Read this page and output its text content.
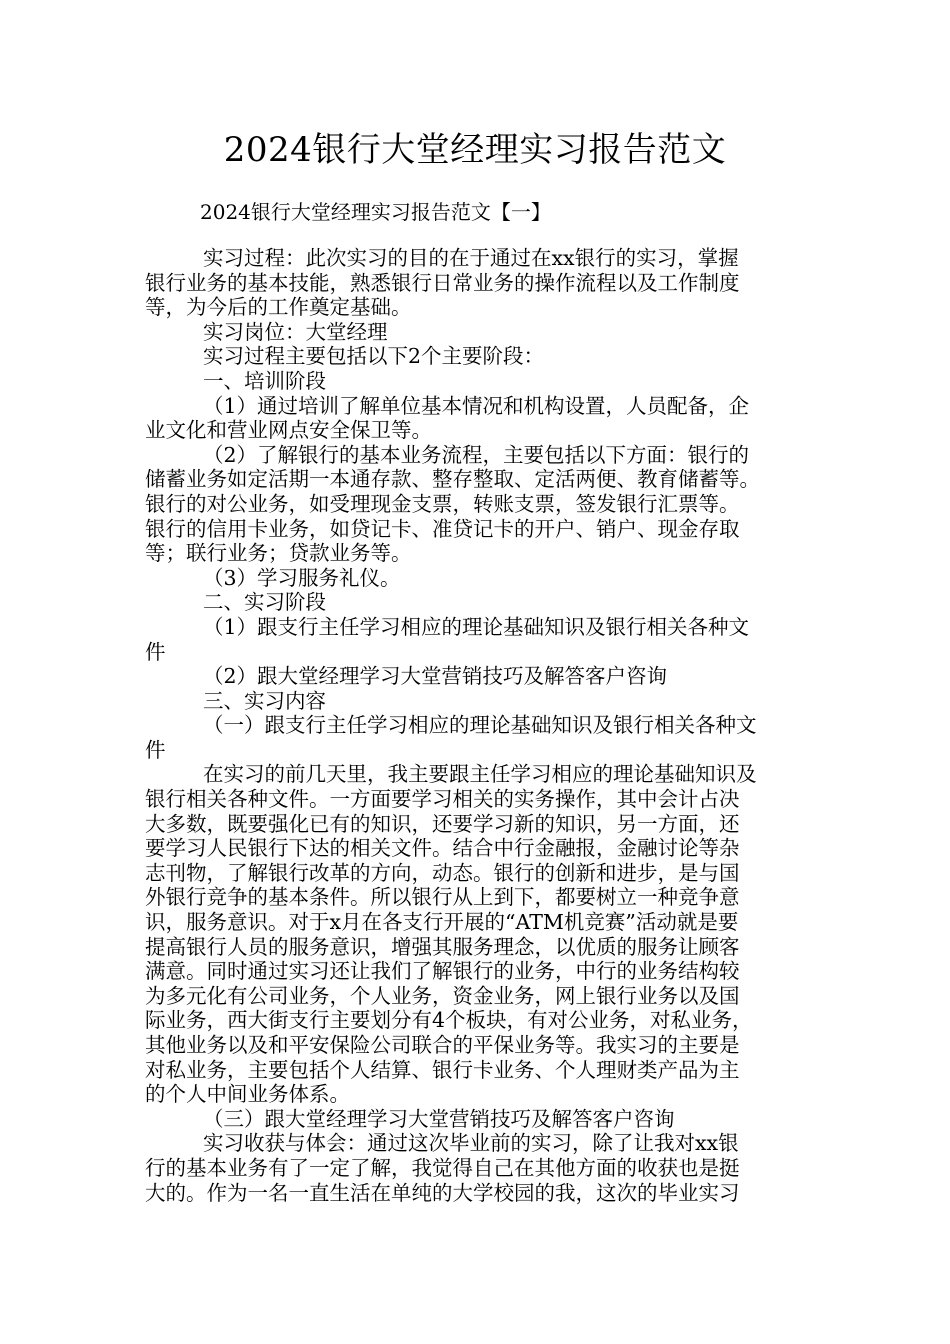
2024银行大堂经理实习报告范文
2024银行大堂经理实习报告范文【一】
实习过程：此次实习的目的在于通过在xx银行的实习，掌握
银行业务的基本技能，熟悉银行日常业务的操作流程以及工作制度
等，为今后的工作奠定基础。
实习岗位：大堂经理
实习过程主要包括以下2个主要阶段：
一、培训阶段
（1）通过培训了解单位基本情况和机构设置，人员配备，企
业文化和营业网点安全保卫等。
（2）了解银行的基本业务流程，主要包括以下方面：银行的
储蓄业务如定活期一本通存款、整存整取、定活两便、教育储蓄等。
银行的对公业务，如受理现金支票，转账支票，签发银行汇票等。
银行的信用卡业务，如贷记卡、准贷记卡的开户、销户、现金存取
等；联行业务；贷款业务等。
（3）学习服务礼仪。
二、实习阶段
（1）跟支行主任学习相应的理论基础知识及银行相关各种文
件
（2）跟大堂经理学习大堂营销技巧及解答客户咨询
三、实习内容
（一）跟支行主任学习相应的理论基础知识及银行相关各种文
件
在实习的前几天里，我主要跟主任学习相应的理论基础知识及
银行相关各种文件。一方面要学习相关的实务操作，其中会计占决
大多数，既要强化已有的知识，还要学习新的知识，另一方面，还
要学习人民银行下达的相关文件。结合中行金融报，金融讨论等杂
志刊物，了解银行改革的方向，动态。银行的创新和进步，是与国
外银行竞争的基本条件。所以银行从上到下，都要树立一种竞争意
识，服务意识。对于x月在各支行开展的“ATM机竞赛”活动就是要
提高银行人员的服务意识，增强其服务理念，以优质的服务让顾客
满意。同时通过实习还让我们了解银行的业务，中行的业务结构较
为多元化有公司业务，个人业务，资金业务，网上银行业务以及国
际业务，西大街支行主要划分有4个板块，有对公业务，对私业务，
其他业务以及和平安保险公司联合的平保业务等。我实习的主要是
对私业务，主要包括个人结算、银行卡业务、个人理财类产品为主
的个人中间业务体系。
（三）跟大堂经理学习大堂营销技巧及解答客户咨询
实习收获与体会：通过这次毕业前的实习，除了让我对xx银
行的基本业务有了一定了解，我觉得自己在其他方面的收获也是挺
大的。作为一名一直生活在单纯的大学校园的我，这次的毕业实习
